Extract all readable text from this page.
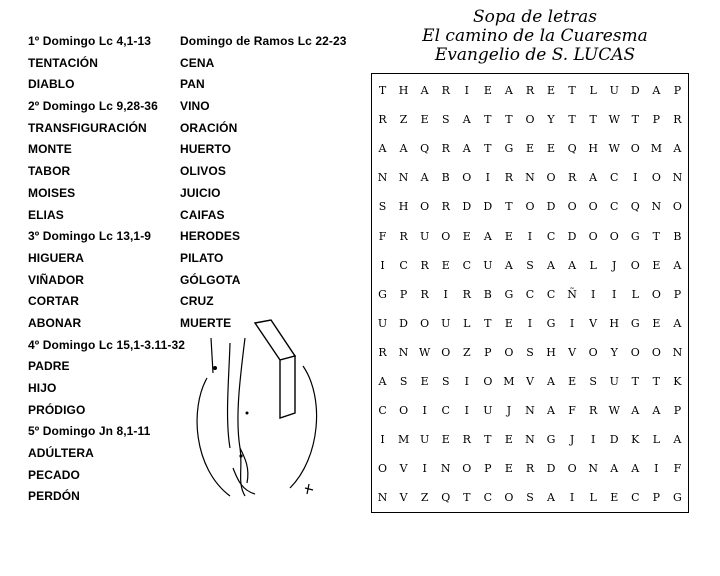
1º Domingo Lc 4,1-13
TENTACIÓN
DIABLO
2º Domingo Lc 9,28-36
TRANSFIGURACIÓN
MONTE
TABOR
MOISES
ELIAS
3º Domingo Lc 13,1-9
HIGUERA
VIÑADOR
CORTAR
ABONAR
4º Domingo Lc 15,1-3.11-32
PADRE
HIJO
PRÓDIGO
5º Domingo Jn 8,1-11
ADÚLTERA
PECADO
PERDÓN
Domingo de Ramos Lc 22-23
CENA
PAN
VINO
ORACIÓN
HUERTO
OLIVOS
JUICIO
CAIFAS
HERODES
PILATO
GÓLGOTA
CRUZ
MUERTE
Sopa de letras
El camino de la Cuaresma
Evangelio de S. LUCAS
T	H	A	R	I	E	A	R	E	T	L	U	D	A	P
R	Z	E	S	A	T	T	O	Y	T	T	W	T	P	R
A	A	Q	R	A	T	G	E	E	Q	H W O M	A
N	N	A	B	O	I	R	N	O	R	A	C	I	O	N
S	H	O	R	D	D	T	O	D	O	O	C	Q	N	O
F	R	U	O	E	A	E	I	C	D	O	O	G	T	B
I	C	R	E	C	U	A	S	A	A	L	J	O	E	A
G	P	R	I	R	B	G	C	C	Ñ	I	I	L	O	P
U	D	O	U	L	T	E	I	G	I	V	H	G	E	A
R	N W O	Z	P	O	S	H	V	O	Y	O	O	N
A	S	E	S	I	O M	V	A	E	S	U	T	T	K
C	O	I	C	I	U	J	N	A	F	R	W	A	A	P
I	M U	E	R	T	E	N	G	J	I	D	K	L	A
O	V	I	N	O	P	E	R	D	O	N	A	A	I	F
N	V	Z	Q	T	C	O	S	A	I	L	E	C	P	G
